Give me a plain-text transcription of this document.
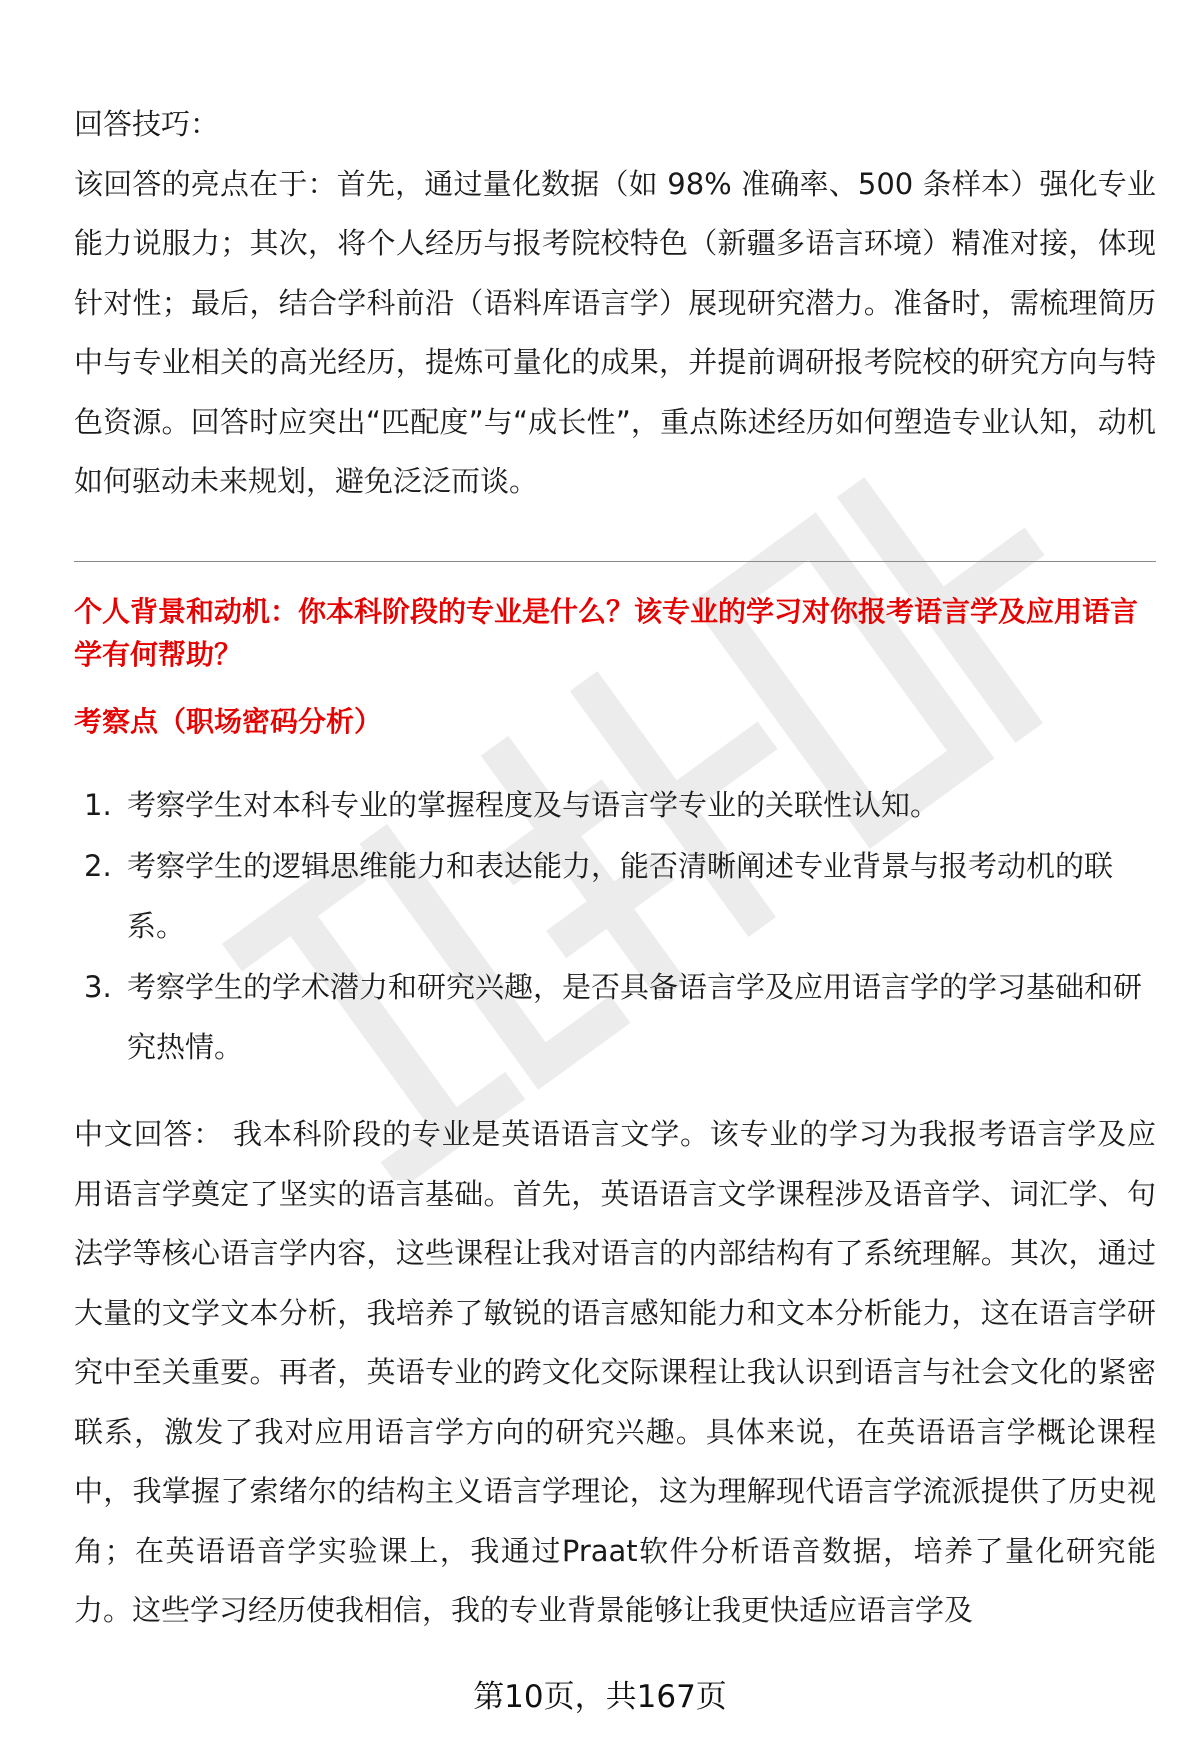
回答技巧：

该回答的亮点在于：首先，通过量化数据（如 98% 准确率、500 条样本）强化专业能力说服力；其次，将个人经历与报考院校特色（新疆多语言环境）精准对接，体现针对性；最后，结合学科前沿（语料库语言学）展现研究潜力。准备时，需梳理简历中与专业相关的高光经历，提炼可量化的成果，并提前调研报考院校的研究方向与特色资源。回答时应突出“匹配度”与“成长性”，重点陈述经历如何塑造专业认知，动机如何驱动未来规划，避免泛泛而谈。

个人背景和动机：你本科阶段的专业是什么？该专业的学习对你报考语言学及应用语言学有何帮助？
考察点（职场密码分析）
1. 考察学生对本科专业的掌握程度及与语言学专业的关联性认知。
2. 考察学生的逻辑思维能力和表达能力，能否清晰阐述专业背景与报考动机的联系。
3. 考察学生的学术潜力和研究兴趣，是否具备语言学及应用语言学的学习基础和研究热情。

中文回答： 我本科阶段的专业是英语语言文学。该专业的学习为我报考语言学及应用语言学奠定了坚实的语言基础。首先，英语语言文学课程涉及语音学、词汇学、句法学等核心语言学内容，这些课程让我对语言的内部结构有了系统理解。其次，通过大量的文学文本分析，我培养了敏锐的语言感知能力和文本分析能力，这在语言学研究中至关重要。再者，英语专业的跨文化交际课程让我认识到语言与社会文化的紧密联系，激发了我对应用语言学方向的研究兴趣。具体来说，在英语语言学概论课程中，我掌握了索绪尔的结构主义语言学理论，这为理解现代语言学流派提供了历史视角；在英语语音学实验课上，我通过Praat软件分析语音数据，培养了量化研究能力。这些学习经历使我相信，我的专业背景能够让我更快适应语言学及

第10页，共167页
